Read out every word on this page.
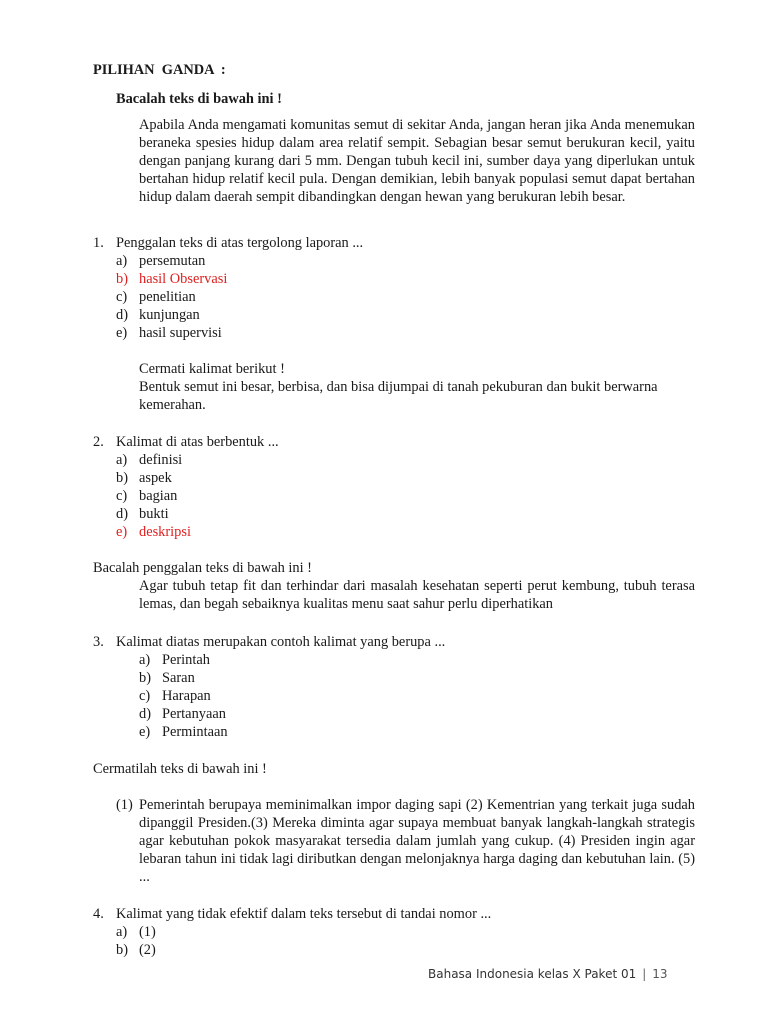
PILIHAN  GANDA  :
Bacalah teks di bawah ini !
Apabila Anda mengamati komunitas semut di sekitar Anda, jangan heran jika Anda menemukan beraneka spesies hidup dalam area relatif sempit. Sebagian besar semut berukuran kecil, yaitu dengan panjang kurang dari 5 mm. Dengan tubuh kecil ini, sumber daya yang diperlukan untuk bertahan hidup relatif kecil pula. Dengan demikian, lebih banyak populasi semut dapat bertahan hidup dalam daerah sempit dibandingkan dengan hewan yang berukuran lebih besar.
1. Penggalan teks di atas tergolong laporan ...
a) persemutan
b) hasil Observasi
c) penelitian
d) kunjungan
e) hasil supervisi
Cermati kalimat berikut !
Bentuk semut ini besar, berbisa, dan bisa dijumpai di tanah pekuburan dan bukit berwarna kemerahan.
2. Kalimat di atas berbentuk ...
a) definisi
b) aspek
c) bagian
d) bukti
e) deskripsi
Bacalah penggalan teks di bawah ini !
Agar tubuh tetap fit dan terhindar dari masalah kesehatan seperti perut kembung, tubuh terasa lemas, dan begah sebaiknya kualitas menu saat sahur perlu diperhatikan
3. Kalimat diatas merupakan contoh kalimat yang berupa ...
a) Perintah
b) Saran
c) Harapan
d) Pertanyaan
e) Permintaan
Cermatilah teks di bawah ini !
(1) Pemerintah berupaya meminimalkan impor daging sapi (2) Kementrian yang terkait juga sudah dipanggil Presiden.(3) Mereka diminta agar supaya membuat banyak langkah-langkah strategis agar kebutuhan pokok masyarakat tersedia dalam jumlah yang cukup. (4) Presiden ingin agar lebaran tahun ini tidak lagi diributkan dengan melonjaknya harga daging dan kebutuhan lain. (5) ...
4. Kalimat yang tidak efektif dalam teks tersebut di tandai nomor ...
a) (1)
b) (2)
Bahasa Indonesia kelas X Paket 01 | 13
